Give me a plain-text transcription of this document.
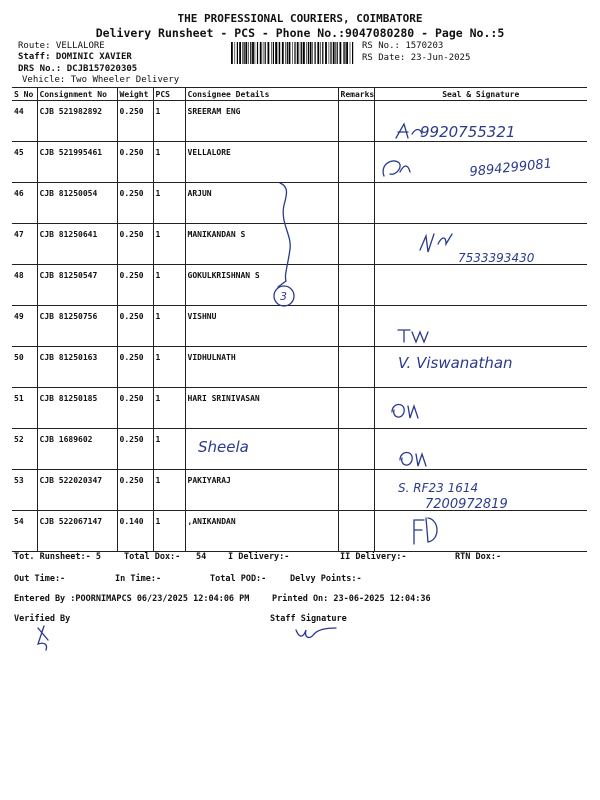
THE PROFESSIONAL COURIERS, COIMBATORE
Delivery Runsheet - PCS - Phone No.:9047080280 - Page No.:5
Route: VELLALORE
Staff: DOMINIC XAVIER
DRS No.: DCJB157020305
Vehicle: Two Wheeler Delivery
RS No.: 1570203
RS Date: 23-Jun-2025
S No	Consignment No	Weight	PCS	Consignee Details	Remarks	Seal & Signature
44	CJB 521982892	0.250	1	SREERAM ENG		
45	CJB 521995461	0.250	1	VELLALORE		
46	CJB 81250054	0.250	1	ARJUN		
47	CJB 81250641	0.250	1	MANIKANDAN S		
48	CJB 81250547	0.250	1	GOKULKRISHNAN S		
49	CJB 81250756	0.250	1	VISHNU		
50	CJB 81250163	0.250	1	VIDHULNATH		
51	CJB 81250185	0.250	1	HARI SRINIVASAN		
52	CJB 1689602	0.250	1			
53	CJB 522020347	0.250	1	PAKIYARAJ		
54	CJB 522067147	0.140	1	,ANIKANDAN		
9920755321
9894299081
7533393430
3
V. Viswanathan
Sheela
S. RF23 1614
7200972819
Tot. Runsheet:- 5	Total Dox:- 54	I Delivery:-	II Delivery:-	RTN Dox:-
Out Time:-	In Time:-	Total POD:-	Delvy Points:-
Entered By :POORNIMAPCS 06/23/2025 12:04:06 PM	Printed On: 23-06-2025 12:04:36
Verified By	Staff Signature
